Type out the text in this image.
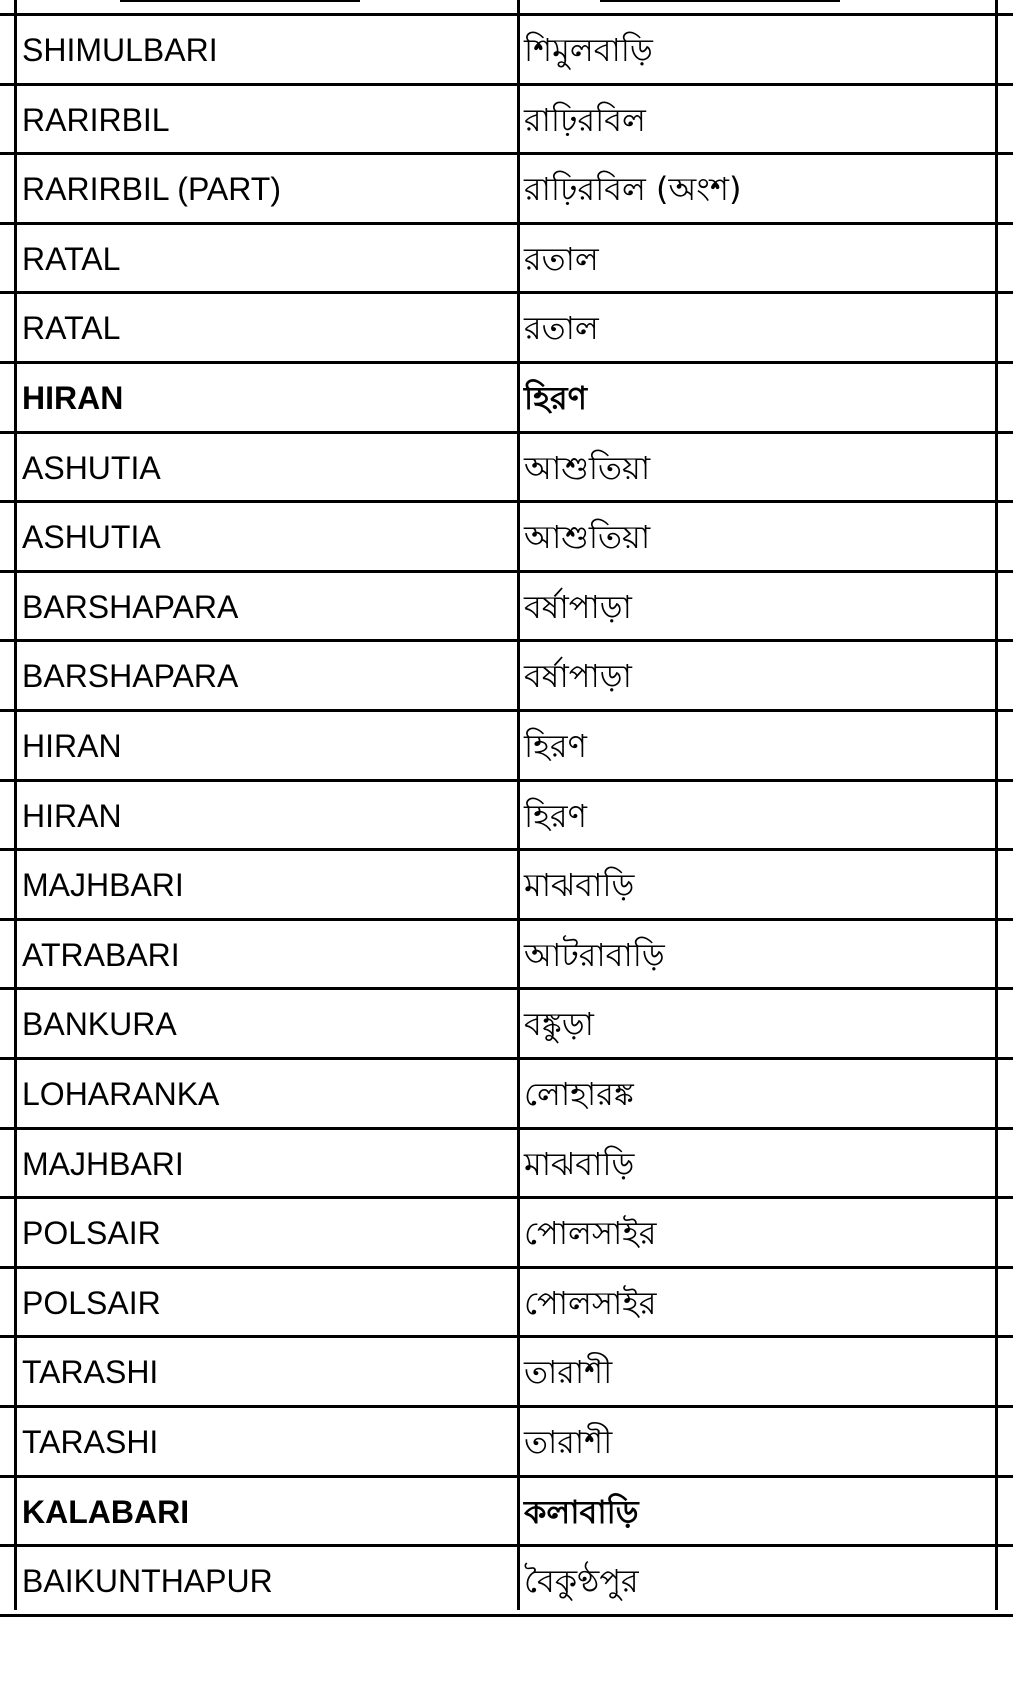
SHIMULBARI	শিমুলবাড়ি
RARIRBIL	রাঢ়িরবিল
RARIRBIL (PART)	রাঢ়িরবিল (অংশ)
RATAL	রতাল
RATAL	রতাল
HIRAN	হিরণ
ASHUTIA	আশুতিয়া
ASHUTIA	আশুতিয়া
BARSHAPARA	বর্ষাপাড়া
BARSHAPARA	বর্ষাপাড়া
HIRAN	হিরণ
HIRAN	হিরণ
MAJHBARI	মাঝবাড়ি
ATRABARI	আটরাবাড়ি
BANKURA	বঙ্কুড়া
LOHARANKA	লোহারঙ্ক
MAJHBARI	মাঝবাড়ি
POLSAIR	পোলসাইর
POLSAIR	পোলসাইর
TARASHI	তারাশী
TARASHI	তারাশী
KALABARI	কলাবাড়ি
BAIKUNTHAPUR	বৈকুণ্ঠপুর
